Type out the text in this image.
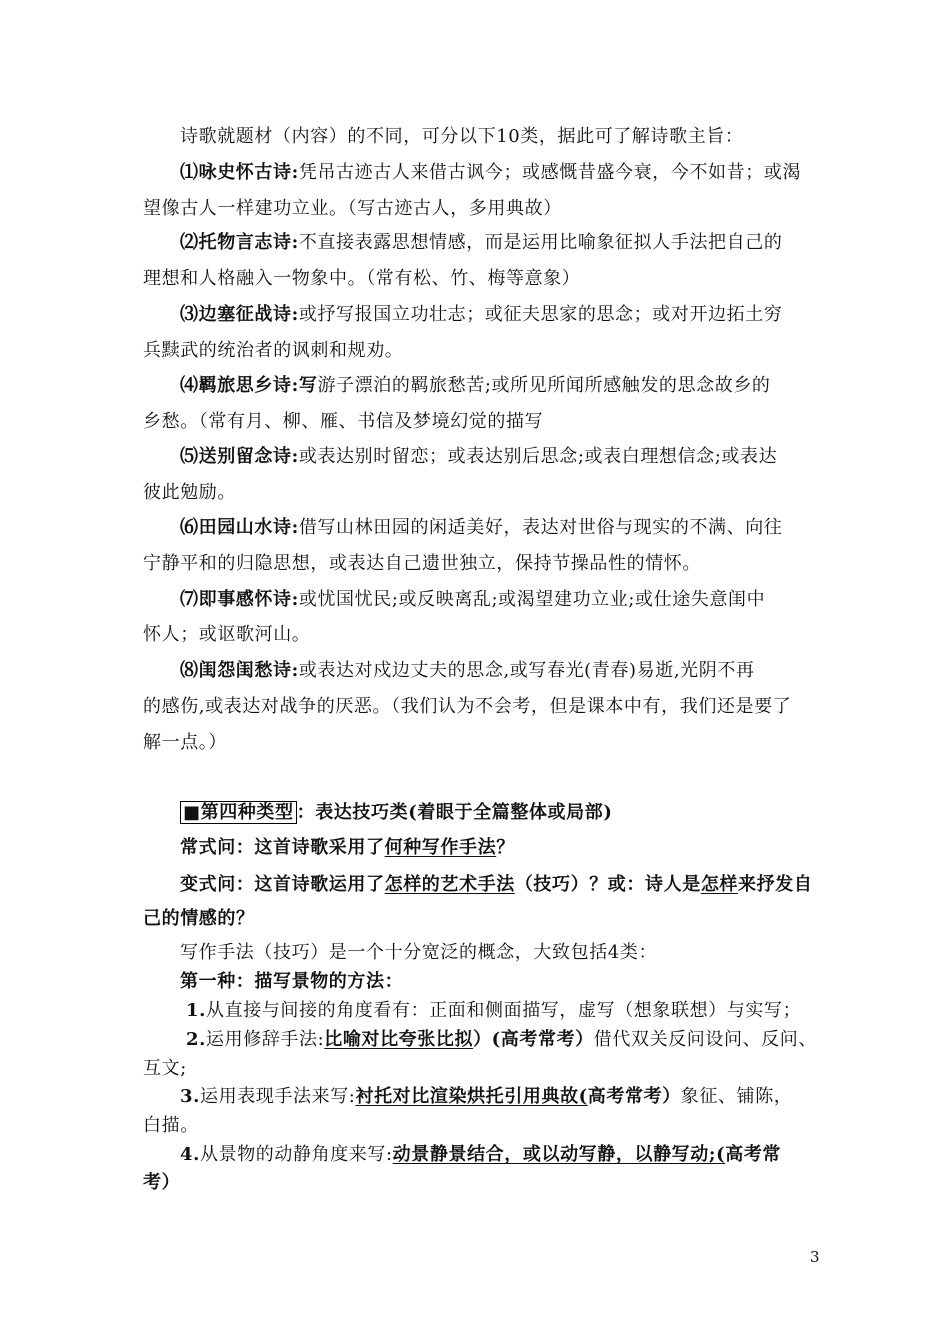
诗歌就题材（内容）的不同，可分以下10类，据此可了解诗歌主旨：
⑴咏史怀古诗:凭吊古迹古人来借古讽今；或感慨昔盛今衰，今不如昔；或渴
望像古人一样建功立业。（写古迹古人，多用典故）
⑵托物言志诗:不直接表露思想情感，而是运用比喻象征拟人手法把自己的
理想和人格融入一物象中。（常有松、竹、梅等意象）
⑶边塞征战诗:或抒写报国立功壮志；或征夫思家的思念；或对开边拓土穷
兵黩武的统治者的讽刺和规劝。
⑷羁旅思乡诗:写游子漂泊的羁旅愁苦;或所见所闻所感触发的思念故乡的
乡愁。（常有月、柳、雁、书信及梦境幻觉的描写
⑸送别留念诗:或表达别时留恋；或表达别后思念;或表白理想信念;或表达
彼此勉励。
⑹田园山水诗:借写山林田园的闲适美好，表达对世俗与现实的不满、向往
宁静平和的归隐思想，或表达自己遗世独立，保持节操品性的情怀。
⑺即事感怀诗:或忧国忧民;或反映离乱;或渴望建功立业;或仕途失意闺中
怀人；或讴歌河山。
⑻闺怨闺愁诗:或表达对戍边丈夫的思念,或写春光(青春)易逝,光阴不再
的感伤,或表达对战争的厌恶。（我们认为不会考，但是课本中有，我们还是要了
解一点。）
■第四种类型 ：表达技巧类(着眼于全篇整体或局部)
常式问：这首诗歌采用了何种写作手法？
变式问：这首诗歌运用了怎样的艺术手法（技巧）？或：诗人是怎样来抒发自
己的情感的？
写作手法（技巧）是一个十分宽泛的概念，大致包括4类：
第一种：描写景物的方法：
1.从直接与间接的角度看有：正面和侧面描写，虚写（想象联想）与实写；
2.运用修辞手法:比喻对比夸张比拟）(高考常考）借代双关反问设问、反问、
互文;
3.运用表现手法来写:衬托对比渲染烘托引用典故(高考常考）象征、铺陈，
白描。
4.从景物的动静角度来写:动景静景结合，或以动写静，以静写动;(高考常
考）
3
